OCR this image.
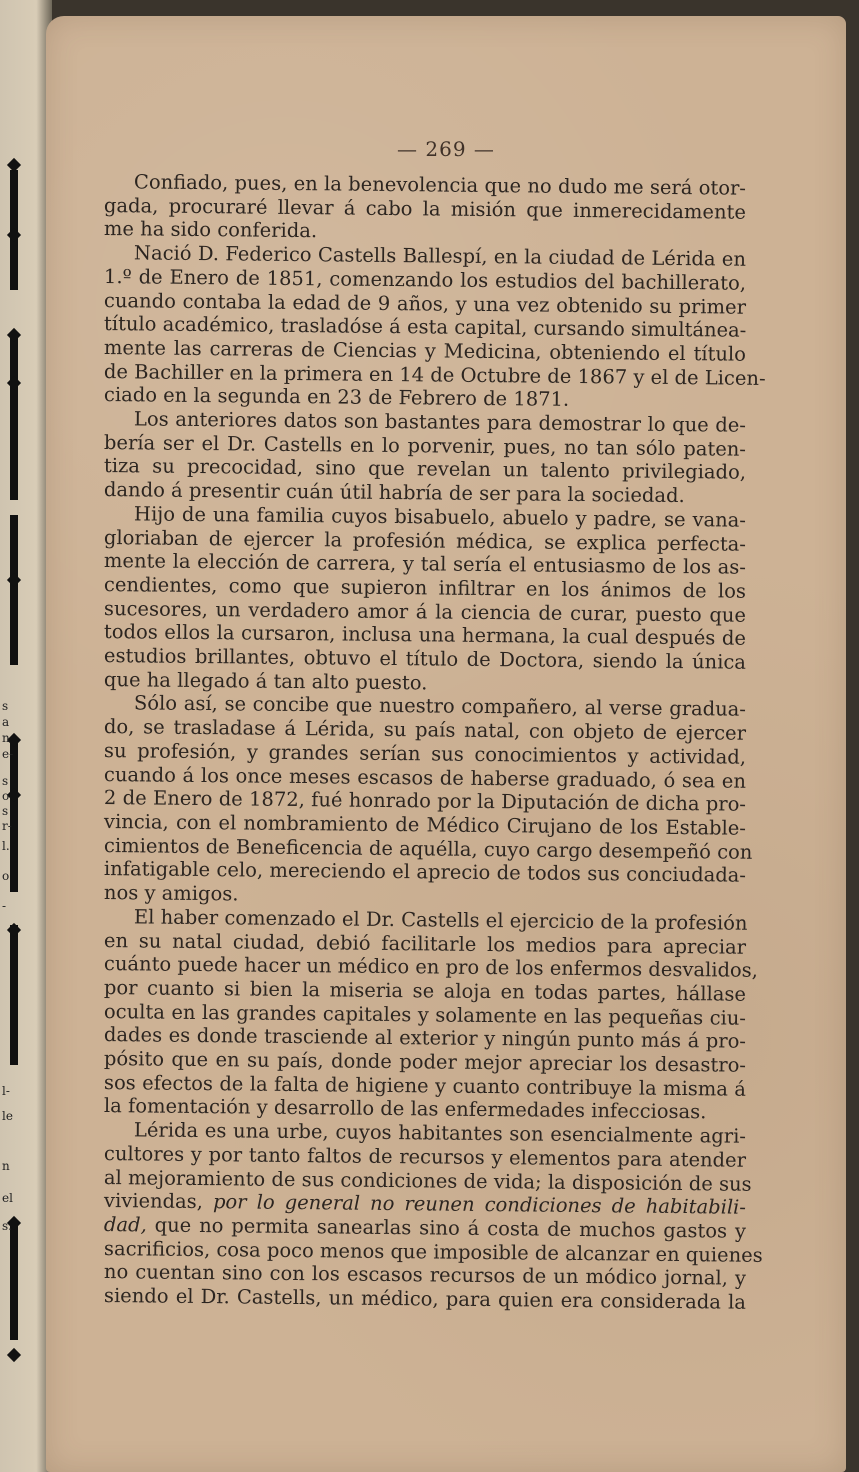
s
a
n
e-
s
o
s
r-
l.
o
-
l-
le
n
el
s.
— 269 —
Confiado, pues, en la benevolencia que no dudo me será otor-
gada, procuraré llevar á cabo la misión que inmerecidamente
me ha sido conferida.
Nació D. Federico Castells Ballespí, en la ciudad de Lérida en
1.º de Enero de 1851, comenzando los estudios del bachillerato,
cuando contaba la edad de 9 años, y una vez obtenido su primer
título académico, trasladóse á esta capital, cursando simultánea-
mente las carreras de Ciencias y Medicina, obteniendo el título
de Bachiller en la primera en 14 de Octubre de 1867 y el de Licen-
ciado en la segunda en 23 de Febrero de 1871.
Los anteriores datos son bastantes para demostrar lo que de-
bería ser el Dr. Castells en lo porvenir, pues, no tan sólo paten-
tiza su precocidad, sino que revelan un talento privilegiado,
dando á presentir cuán útil habría de ser para la sociedad.
Hijo de una familia cuyos bisabuelo, abuelo y padre, se vana-
gloriaban de ejercer la profesión médica, se explica perfecta-
mente la elección de carrera, y tal sería el entusiasmo de los as-
cendientes, como que supieron infiltrar en los ánimos de los
sucesores, un verdadero amor á la ciencia de curar, puesto que
todos ellos la cursaron, inclusa una hermana, la cual después de
estudios brillantes, obtuvo el título de Doctora, siendo la única
que ha llegado á tan alto puesto.
Sólo así, se concibe que nuestro compañero, al verse gradua-
do, se trasladase á Lérida, su país natal, con objeto de ejercer
su profesión, y grandes serían sus conocimientos y actividad,
cuando á los once meses escasos de haberse graduado, ó sea en
2 de Enero de 1872, fué honrado por la Diputación de dicha pro-
vincia, con el nombramiento de Médico Cirujano de los Estable-
cimientos de Beneficencia de aquélla, cuyo cargo desempeñó con
infatigable celo, mereciendo el aprecio de todos sus conciudada-
nos y amigos.
El haber comenzado el Dr. Castells el ejercicio de la profesión
en su natal ciudad, debió facilitarle los medios para apreciar
cuánto puede hacer un médico en pro de los enfermos desvalidos,
por cuanto si bien la miseria se aloja en todas partes, hállase
oculta en las grandes capitales y solamente en las pequeñas ciu-
dades es donde trasciende al exterior y ningún punto más á pro-
pósito que en su país, donde poder mejor apreciar los desastro-
sos efectos de la falta de higiene y cuanto contribuye la misma á
la fomentación y desarrollo de las enfermedades infecciosas.
Lérida es una urbe, cuyos habitantes son esencialmente agri-
cultores y por tanto faltos de recursos y elementos para atender
al mejoramiento de sus condiciones de vida; la disposición de sus
viviendas, por lo general no reunen condiciones de habitabili-
dad, que no permita sanearlas sino á costa de muchos gastos y
sacrificios, cosa poco menos que imposible de alcanzar en quienes
no cuentan sino con los escasos recursos de un módico jornal, y
siendo el Dr. Castells, un médico, para quien era considerada la
